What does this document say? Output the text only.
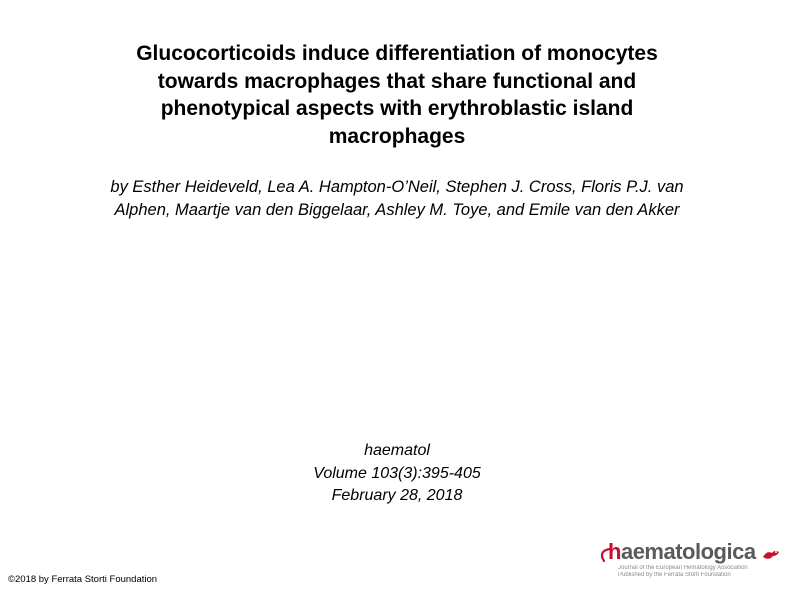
Glucocorticoids induce differentiation of monocytes
towards macrophages that share functional and
phenotypical aspects with erythroblastic island
macrophages
by Esther Heideveld, Lea A. Hampton-O’Neil, Stephen J. Cross, Floris P.J. van
Alphen, Maartje van den Biggelaar, Ashley M. Toye, and Emile van den Akker
haematol
Volume 103(3):395-405
February 28, 2018
©2018 by Ferrata Storti Foundation
haematologica
Journal of the European Hematology Association
Published by the Ferrata Storti Foundation
